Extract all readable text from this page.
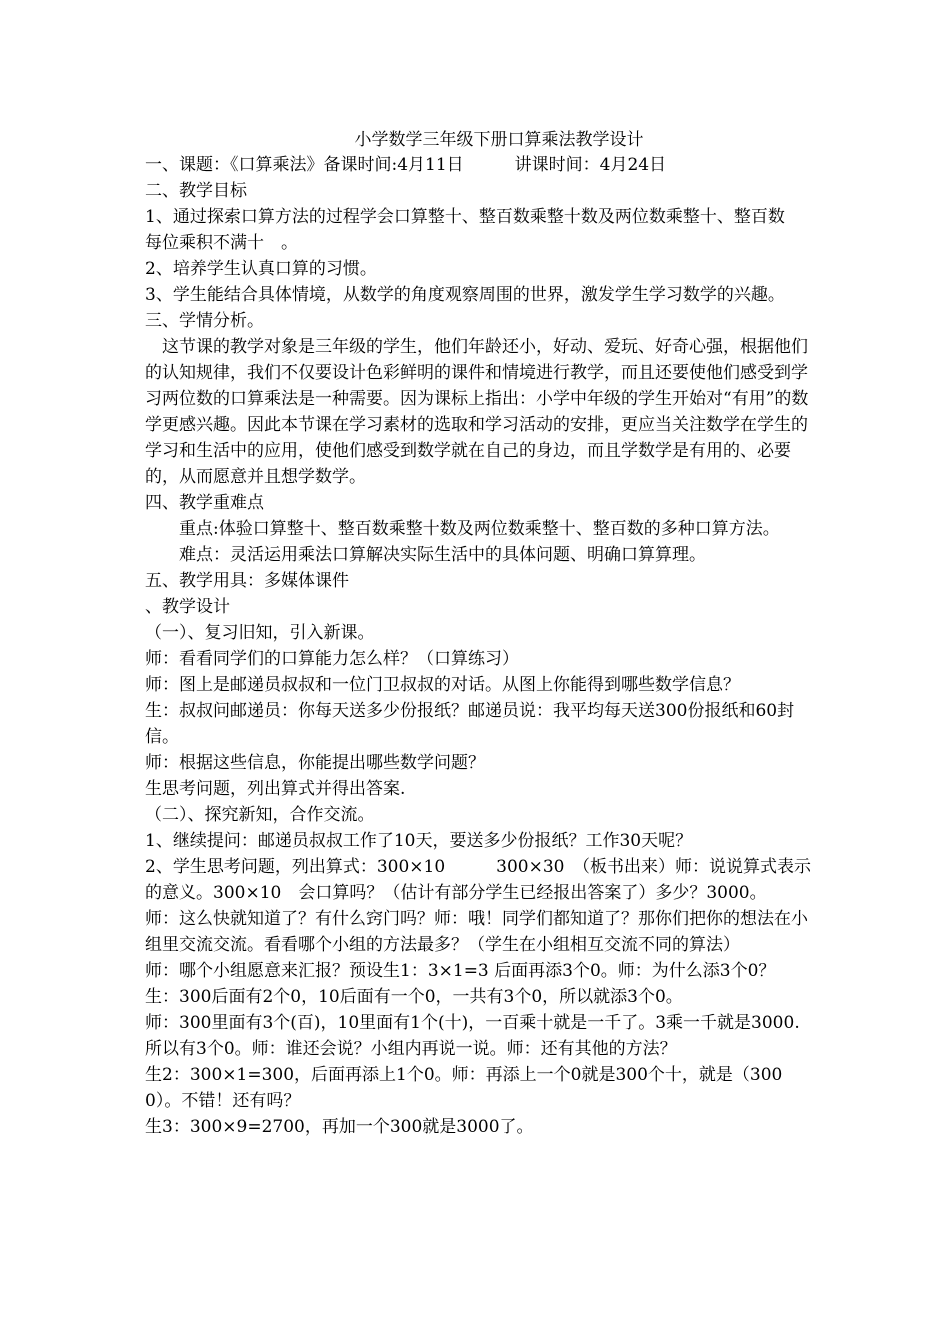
小学数学三年级下册口算乘法教学设计

一、课题：《口算乘法》备课时间:4月11日　　　讲课时间：4月24日

二、教学目标

1、通过探索口算方法的过程学会口算整十、整百数乘整十数及两位数乘整十、整百数　每位乘积不满十　。

2、培养学生认真口算的习惯。

3、学生能结合具体情境，从数学的角度观察周围的世界，激发学生学习数学的兴趣。

三、学情分析。

　这节课的教学对象是三年级的学生，他们年龄还小，好动、爱玩、好奇心强，根据他们的认知规律，我们不仅要设计色彩鲜明的课件和情境进行教学，而且还要使他们感受到学习两位数的口算乘法是一种需要。因为课标上指出：小学中年级的学生开始对“有用”的数学更感兴趣。因此本节课在学习素材的选取和学习活动的安排，更应当关注数学在学生的学习和生活中的应用，使他们感受到数学就在自己的身边，而且学数学是有用的、必要的，从而愿意并且想学数学。

四、教学重难点

　　重点:体验口算整十、整百数乘整十数及两位数乘整十、整百数的多种口算方法。

　　难点：灵活运用乘法口算解决实际生活中的具体问题、明确口算算理。

五、教学用具：多媒体课件

、教学设计

（一）、复习旧知，引入新课。

师：看看同学们的口算能力怎么样？（口算练习）

师：图上是邮递员叔叔和一位门卫叔叔的对话。从图上你能得到哪些数学信息？

生：叔叔问邮递员：你每天送多少份报纸？邮递员说：我平均每天送300份报纸和60封信。

师：根据这些信息，你能提出哪些数学问题？

生思考问题，列出算式并得出答案.

（二）、探究新知，合作交流。

1、继续提问：邮递员叔叔工作了10天，要送多少份报纸？工作30天呢？

2、学生思考问题，列出算式：300×10　　　300×30　（板书出来）师：说说算式表示的意义。300×10　会口算吗？（估计有部分学生已经报出答案了）多少？3000。

师：这么快就知道了？有什么窍门吗？师：哦！同学们都知道了？那你们把你的想法在小组里交流交流。看看哪个小组的方法最多？（学生在小组相互交流不同的算法）

师：哪个小组愿意来汇报？预设生1：3×1=3 后面再添3个0。师：为什么添3个0？

生：300后面有2个0，10后面有一个0，一共有3个0，所以就添3个0。

师：300里面有3个(百)，10里面有1个(十)，一百乘十就是一千了。3乘一千就是3000.所以有3个0。师：谁还会说？小组内再说一说。师：还有其他的方法？

生2：300×1=300，后面再添上1个0。师：再添上一个0就是300个十，就是（3000）。不错！还有吗？

生3：300×9=2700，再加一个300就是3000了。
